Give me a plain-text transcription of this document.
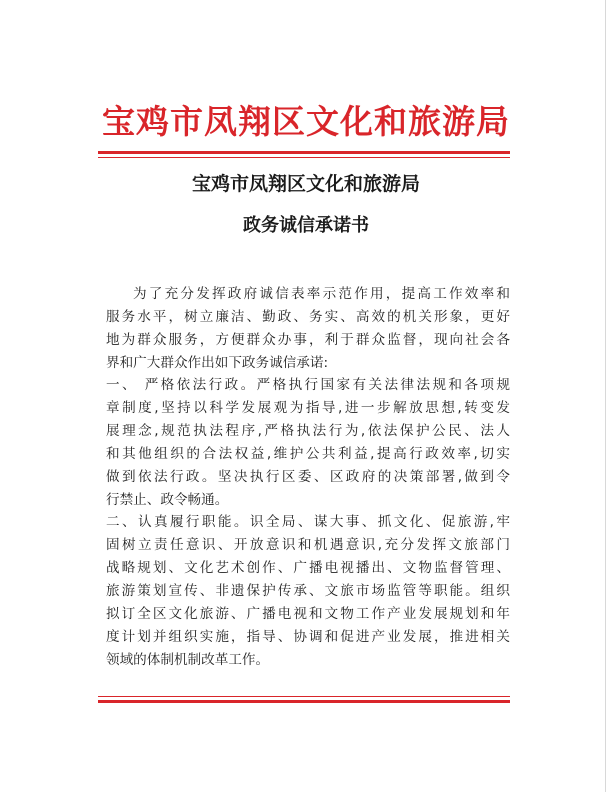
宝鸡市凤翔区文化和旅游局
宝鸡市凤翔区文化和旅游局
政务诚信承诺书
为了充分发挥政府诚信表率示范作用，提高工作效率和
服务水平，树立廉洁、勤政、务实、高效的机关形象，更好
地为群众服务，方便群众办事，利于群众监督，现向社会各
界和广大群众作出如下政务诚信承诺:
一、 严格依法行政。严格执行国家有关法律法规和各项规
章制度,坚持以科学发展观为指导,进一步解放思想,转变发
展理念,规范执法程序,严格执法行为,依法保护公民、法人
和其他组织的合法权益,维护公共利益,提高行政效率,切实
做到依法行政。坚决执行区委、区政府的决策部署,做到令
行禁止、政令畅通。
二、认真履行职能。识全局、谋大事、抓文化、促旅游,牢
固树立责任意识、开放意识和机遇意识,充分发挥文旅部门
战略规划、文化艺术创作、广播电视播出、文物监督管理、
旅游策划宣传、非遗保护传承、文旅市场监管等职能。组织
拟订全区文化旅游、广播电视和文物工作产业发展规划和年
度计划并组织实施，指导、协调和促进产业发展，推进相关
领域的体制机制改革工作。
